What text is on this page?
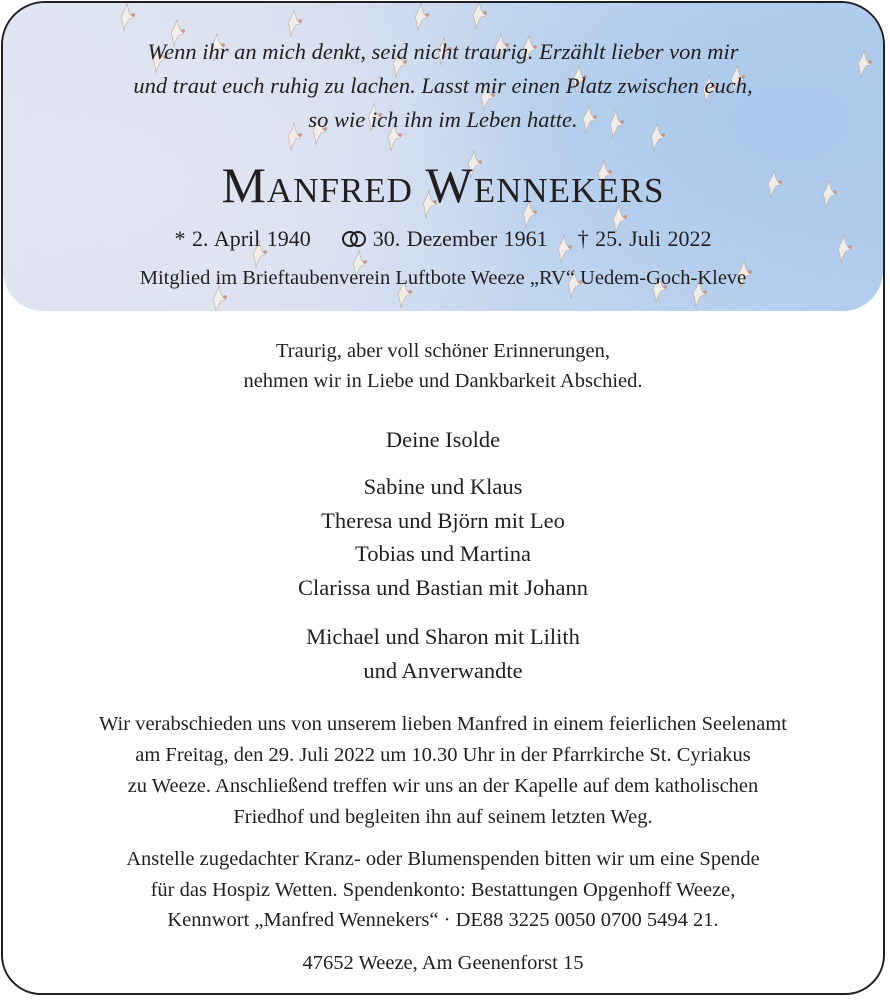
Wenn ihr an mich denkt, seid nicht traurig. Erzählt lieber von mir
und traut euch ruhig zu lachen. Lasst mir einen Platz zwischen euch,
so wie ich ihn im Leben hatte.
Manfred Wennekers
* 2. April 1940	30. Dezember 1961 † 25. Juli 2022
Mitglied im Brieftaubenverein Luftbote Weeze „RV“ Uedem-Goch-Kleve
Traurig, aber voll schöner Erinnerungen,
nehmen wir in Liebe und Dankbarkeit Abschied.
Deine Isolde
Sabine und Klaus
Theresa und Björn mit Leo
Tobias und Martina
Clarissa und Bastian mit Johann
Michael und Sharon mit Lilith
und Anverwandte
Wir verabschieden uns von unserem lieben Manfred in einem feierlichen Seelenamt
am Freitag, den 29. Juli 2022 um 10.30 Uhr in der Pfarrkirche St. Cyriakus
zu Weeze. Anschließend treffen wir uns an der Kapelle auf dem katholischen
Friedhof und begleiten ihn auf seinem letzten Weg.
Anstelle zugedachter Kranz- oder Blumenspenden bitten wir um eine Spende
für das Hospiz Wetten. Spendenkonto: Bestattungen Opgenhoff Weeze,
Kennwort „Manfred Wennekers“ · DE88 3225 0050 0700 5494 21.
47652 Weeze, Am Geenenforst 15
